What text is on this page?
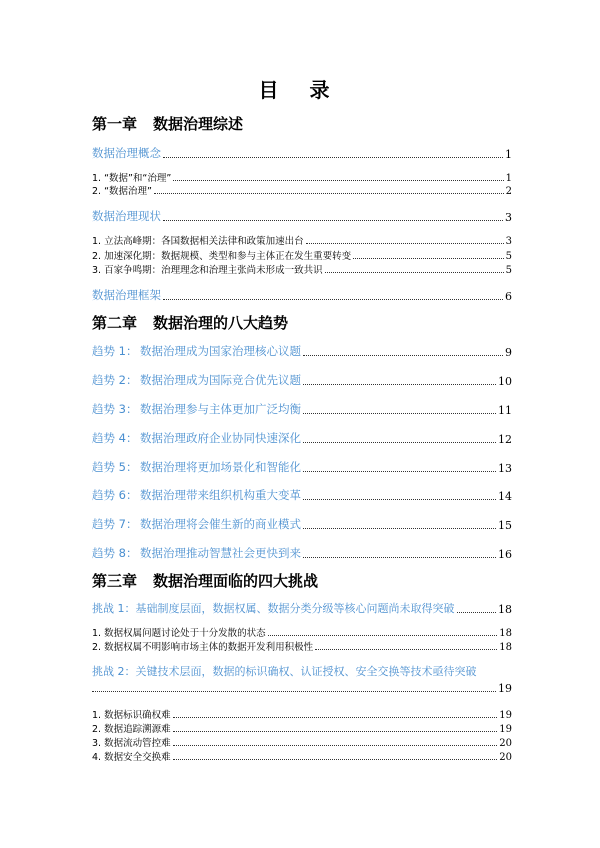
目 录
第一章 数据治理综述
数据治理概念	1
1. “数据”和“治理”	1
2. “数据治理”	2
数据治理现状	3
1. 立法高峰期：各国数据相关法律和政策加速出台	3
2. 加速深化期：数据规模、类型和参与主体正在发生重要转变	5
3. 百家争鸣期：治理理念和治理主张尚未形成一致共识	5
数据治理框架	6
第二章 数据治理的八大趋势
趋势 1： 数据治理成为国家治理核心议题	9
趋势 2： 数据治理成为国际竞合优先议题	10
趋势 3： 数据治理参与主体更加广泛均衡	11
趋势 4： 数据治理政府企业协同快速深化	12
趋势 5： 数据治理将更加场景化和智能化	13
趋势 6： 数据治理带来组织机构重大变革	14
趋势 7： 数据治理将会催生新的商业模式	15
趋势 8： 数据治理推动智慧社会更快到来	16
第三章 数据治理面临的四大挑战
挑战 1：基础制度层面，数据权属、数据分类分级等核心问题尚未取得突破	18
1. 数据权属问题讨论处于十分发散的状态	18
2. 数据权属不明影响市场主体的数据开发利用积极性	18
挑战 2：关键技术层面，数据的标识确权、认证授权、安全交换等技术亟待突破
19
1. 数据标识确权难	19
2. 数据追踪溯源难	19
3. 数据流动管控难	20
4. 数据安全交换难	20
